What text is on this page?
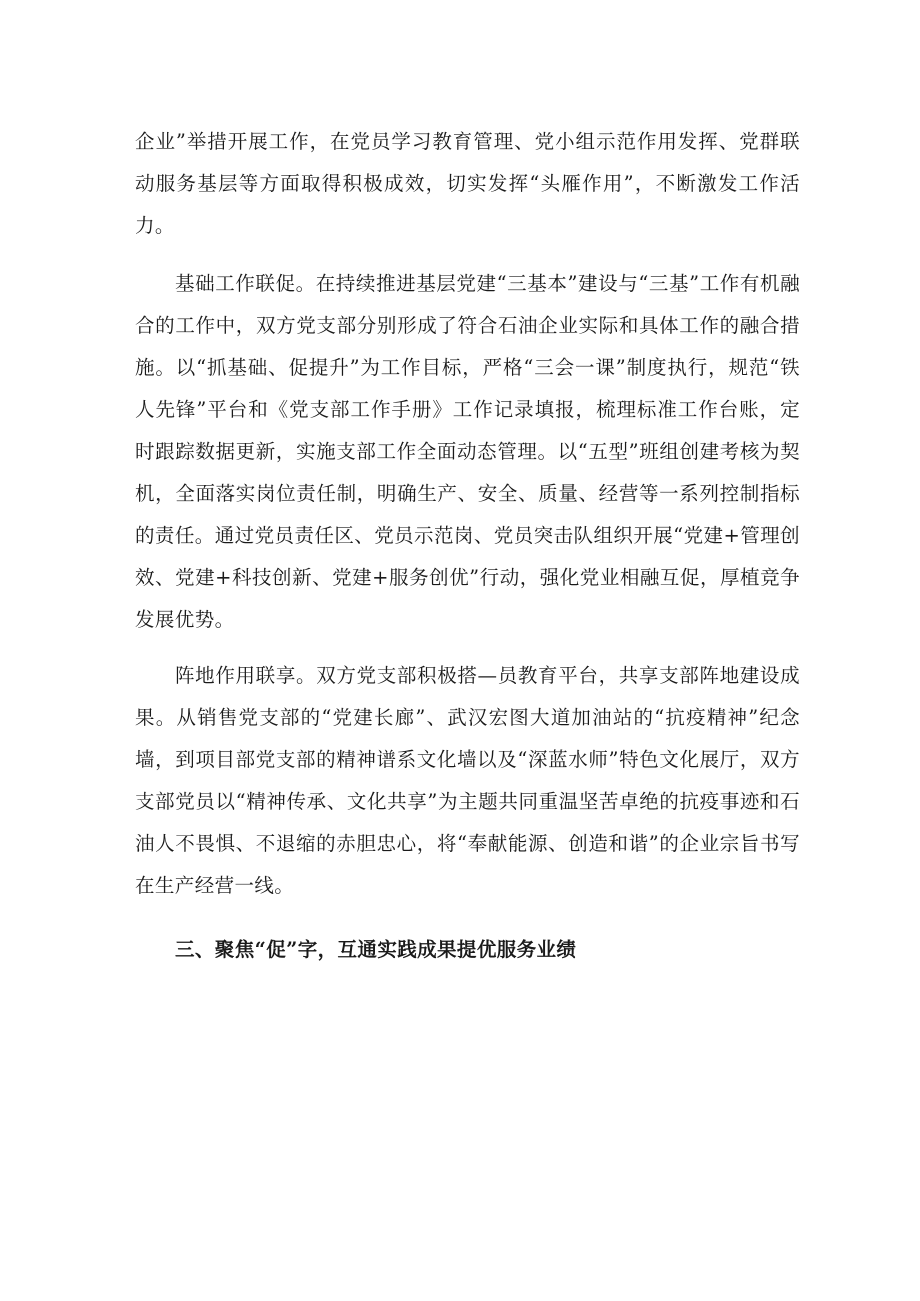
企业”举措开展工作，在党员学习教育管理、党小组示范作用发挥、党群联动服务基层等方面取得积极成效，切实发挥“头雁作用”，不断激发工作活力。

基础工作联促。在持续推进基层党建“三基本”建设与“三基”工作有机融合的工作中，双方党支部分别形成了符合石油企业实际和具体工作的融合措施。以“抓基础、促提升”为工作目标，严格“三会一课”制度执行，规范“铁人先锋”平台和《党支部工作手册》工作记录填报，梳理标准工作台账，定时跟踪数据更新，实施支部工作全面动态管理。以“五型”班组创建考核为契机，全面落实岗位责任制，明确生产、安全、质量、经营等一系列控制指标的责任。通过党员责任区、党员示范岗、党员突击队组织开展“党建+管理创效、党建+科技创新、党建+服务创优”行动，强化党业相融互促，厚植竞争发展优势。

阵地作用联享。双方党支部积极搭—员教育平台，共享支部阵地建设成果。从销售党支部的“党建长廊”、武汉宏图大道加油站的“抗疫精神”纪念墙，到项目部党支部的精神谱系文化墙以及“深蓝水师”特色文化展厅，双方支部党员以“精神传承、文化共享”为主题共同重温坚苦卓绝的抗疫事迹和石油人不畏惧、不退缩的赤胆忠心，将“奉献能源、创造和谐”的企业宗旨书写在生产经营一线。

三、聚焦“促”字，互通实践成果提优服务业绩
